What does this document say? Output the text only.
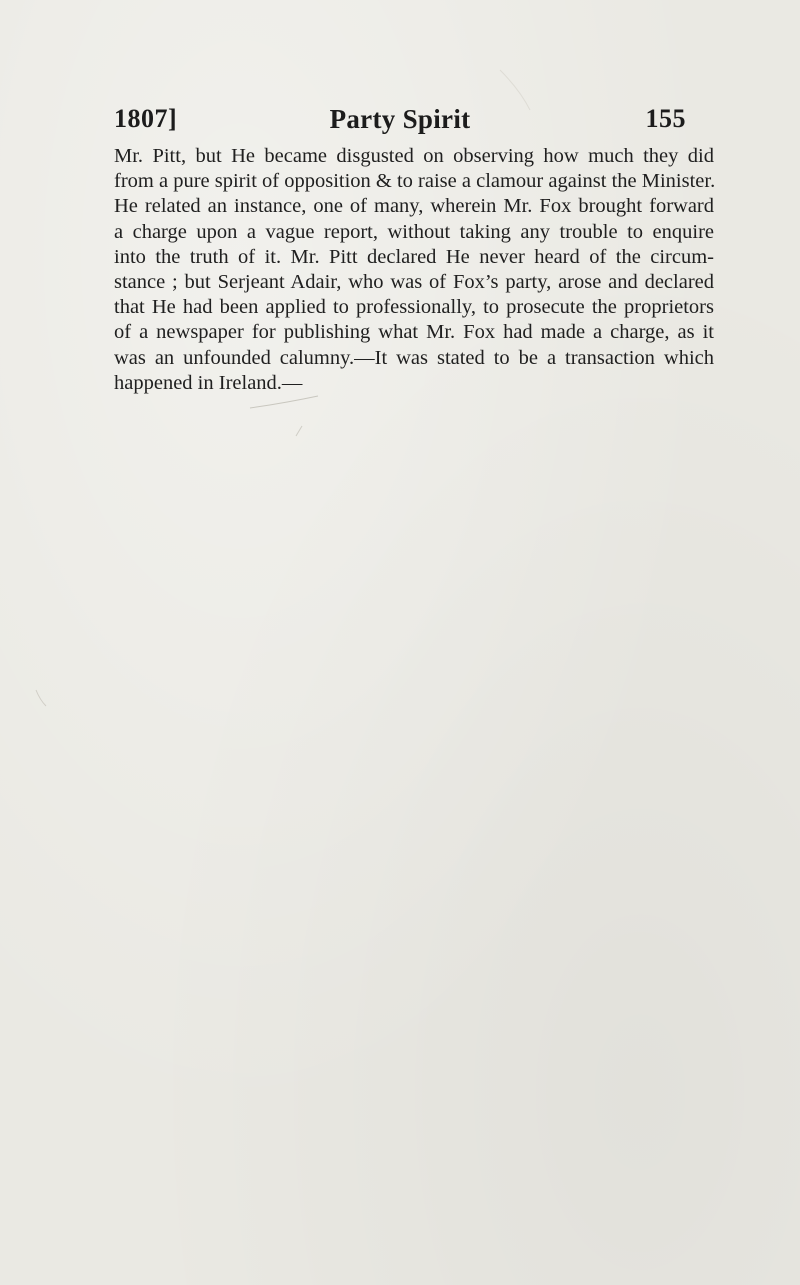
1807]	Party Spirit	155
Mr. Pitt, but He became disgusted on observing how much they did
from a pure spirit of opposition & to raise a clamour against the Minister.
He related an instance, one of many, wherein Mr. Fox brought forward
a charge upon a vague report, without taking any trouble to enquire
into the truth of it. Mr. Pitt declared He never heard of the circum-
stance ; but Serjeant Adair, who was of Fox’s party, arose and declared
that He had been applied to professionally, to prosecute the proprietors
of a newspaper for publishing what Mr. Fox had made a charge, as it
was an unfounded calumny.—It was stated to be a transaction which
happened in Ireland.—
